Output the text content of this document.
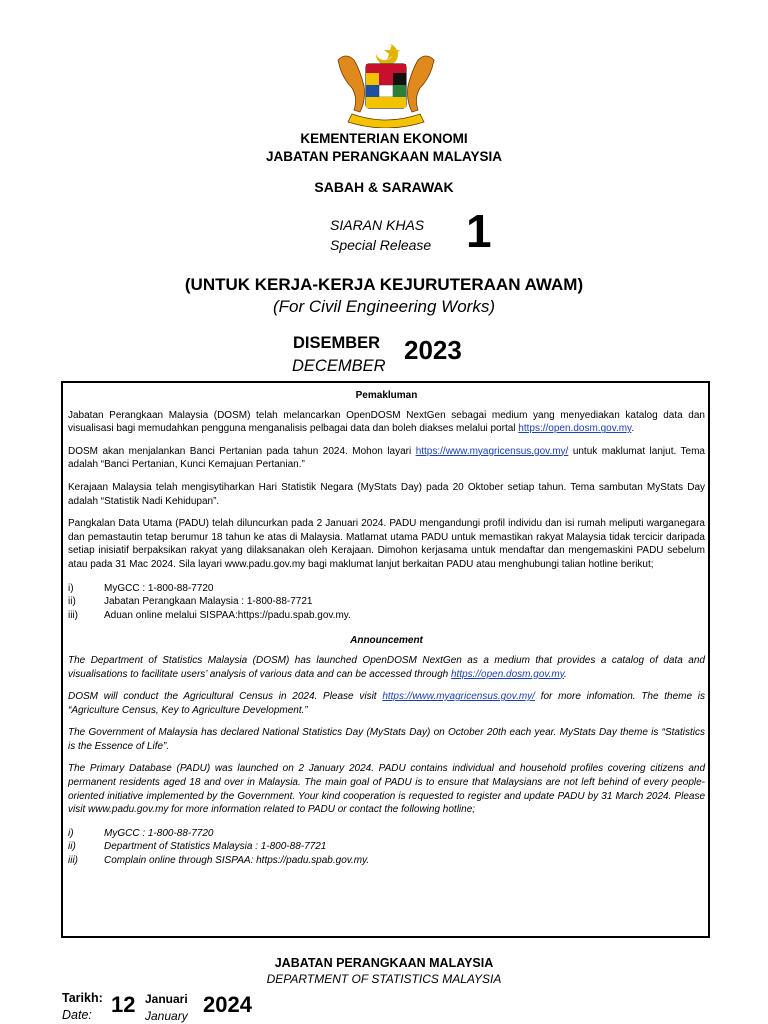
KEMENTERIAN EKONOMI
JABATAN PERANGKAAN MALAYSIA
SABAH & SARAWAK
SIARAN KHAS
Special Release 1
(UNTUK KERJA-KERJA KEJURUTERAAN AWAM)
(For Civil Engineering Works)
DISEMBER
DECEMBER
2023
Pemakluman

Jabatan Perangkaan Malaysia (DOSM) telah melancarkan OpenDOSM NextGen sebagai medium yang menyediakan katalog data dan visualisasi bagi memudahkan pengguna menganalisis pelbagai data dan boleh diakses melalui portal https://open.dosm.gov.my.

DOSM akan menjalankan Banci Pertanian pada tahun 2024. Mohon layari https://www.myagricensus.gov.my/ untuk maklumat lanjut. Tema adalah “Banci Pertanian, Kunci Kemajuan Pertanian.”

Kerajaan Malaysia telah mengisytiharkan Hari Statistik Negara (MyStats Day) pada 20 Oktober setiap tahun. Tema sambutan MyStats Day adalah “Statistik Nadi Kehidupan”.

Pangkalan Data Utama (PADU) telah diluncurkan pada 2 Januari 2024. PADU mengandungi profil individu dan isi rumah meliputi warganegara dan pemastautin tetap berumur 18 tahun ke atas di Malaysia. Matlamat utama PADU untuk memastikan rakyat Malaysia tidak tercicir daripada setiap inisiatif berpaksikan rakyat yang dilaksanakan oleh Kerajaan. Dimohon kerjasama untuk mendaftar dan mengemaskini PADU sebelum atau pada 31 Mac 2024. Sila layari www.padu.gov.my bagi maklumat lanjut berkaitan PADU atau menghubungi talian hotline berikut;

i)	MyGCC : 1-800-88-7720
ii)	Jabatan Perangkaan Malaysia : 1-800-88-7721
iii)	Aduan online melalui SISPAA:https://padu.spab.gov.my.
Announcement

The Department of Statistics Malaysia (DOSM) has launched OpenDOSM NextGen as a medium that provides a catalog of data and visualisations to facilitate users’ analysis of various data and can be accessed through https://open.dosm.gov.my.

DOSM will conduct the Agricultural Census in 2024. Please visit https://www.myagricensus.gov.my/ for more infomation. The theme is “Agriculture Census, Key to Agriculture Development.”

The Government of Malaysia has declared National Statistics Day (MyStats Day) on October 20th each year. MyStats Day theme is “Statistics is the Essence of Life”.

The Primary Database (PADU) was launched on 2 January 2024. PADU contains individual and household profiles covering citizens and permanent residents aged 18 and over in Malaysia. The main goal of PADU is to ensure that Malaysians are not left behind of every people-oriented initiative implemented by the Government. Your kind cooperation is requested to register and update PADU by 31 March 2024. Please visit www.padu.gov.my for more information related to PADU or contact the following hotline;

i)	MyGCC : 1-800-88-7720
ii)	Department of Statistics Malaysia : 1-800-88-7721
iii)	Complain online through SISPAA: https://padu.spab.gov.my.
JABATAN PERANGKAAN MALAYSIA
DEPARTMENT OF STATISTICS MALAYSIA
Tarikh:
Date: 12 Januari
January 2024
